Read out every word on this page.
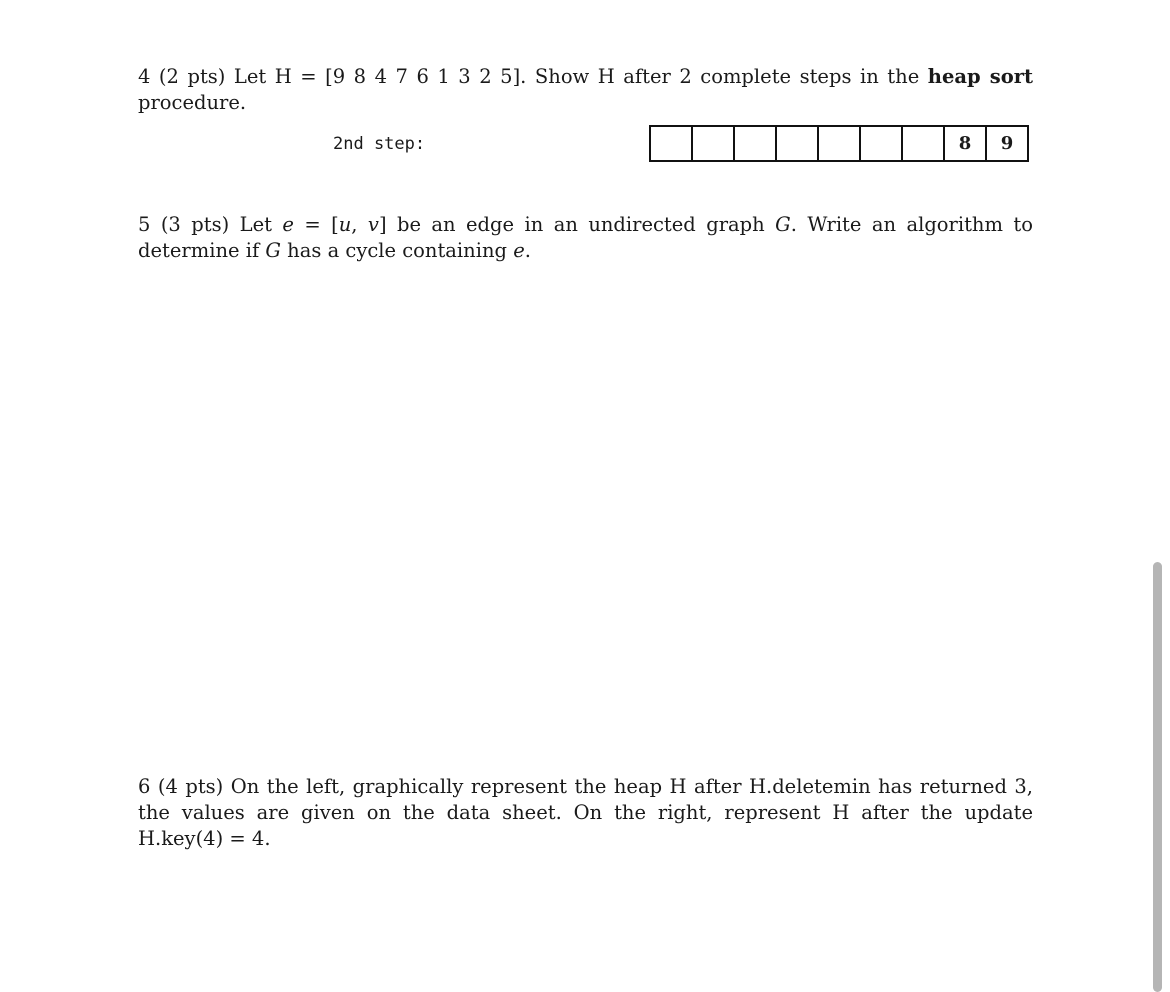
4 (2 pts) Let H = [9 8 4 7 6 1 3 2 5]. Show H after 2 complete steps in the heap sort procedure.
2nd step:	8	9
5 (3 pts) Let e = [u, v] be an edge in an undirected graph G. Write an algorithm to determine if G has a cycle containing e.
6 (4 pts) On the left, graphically represent the heap H after H.deletemin has returned 3, the values are given on the data sheet. On the right, represent H after the update H.key(4) = 4.
